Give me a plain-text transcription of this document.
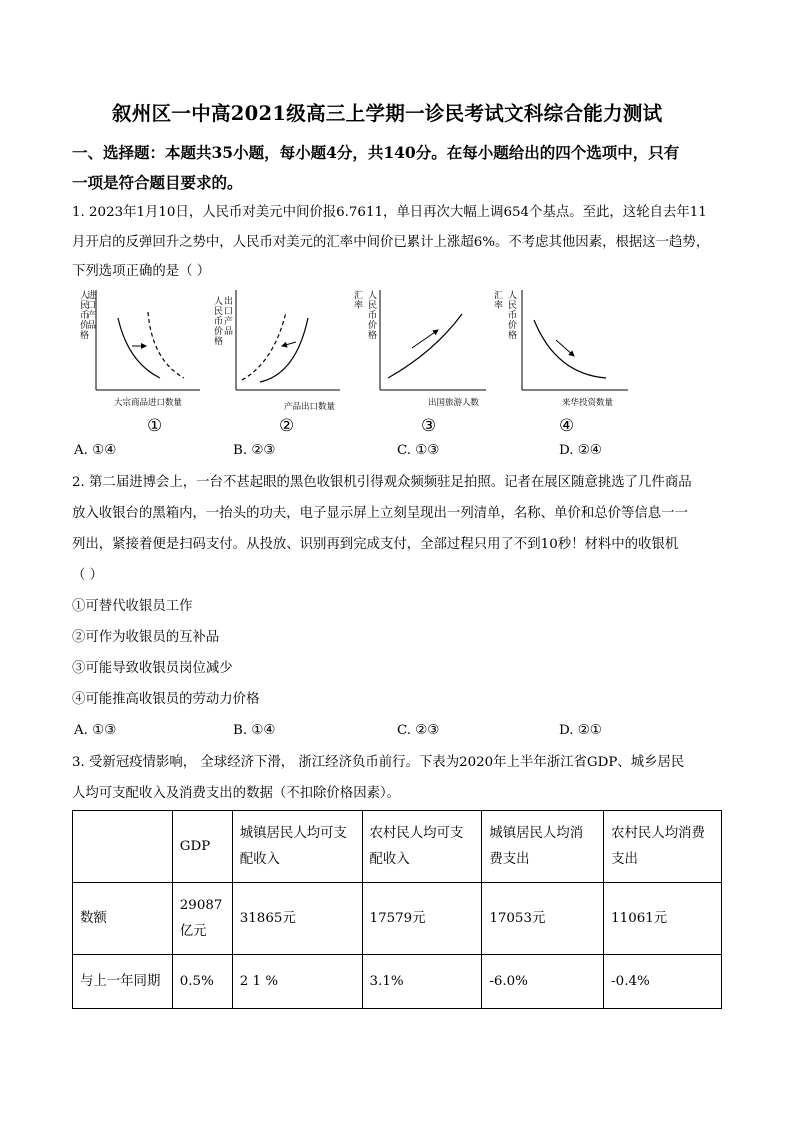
叙州区一中高2021级高三上学期一诊民考试文科综合能力测试
一、选择题：本题共35小题，每小题4分，共140分。在每小题给出的四个选项中，只有
一项是符合题目要求的。
1. 2023年1月10日，人民币对美元中间价报6.7611，单日再次大幅上调654个基点。至此，这轮自去年11
月开启的反弹回升之势中，人民币对美元的汇率中间价已累计上涨超6%。不考虑其他因素，根据这一趋势，
下列选项正确的是（ ）
人
民
币
价
格
进
口
产
品
大宗商品进口数量
①
人
民
币
价
格
出
口
产
品
产品出口数量
②
汇
率
人
民
币
价
格
出国旅游人数
③
汇
率
人
民
币
价
格
来华投资数量
④
A. ①④	B. ②③	C. ①③	D. ②④
2. 第二届进博会上，一台不甚起眼的黑色收银机引得观众频频驻足拍照。记者在展区随意挑选了几件商品
放入收银台的黑箱内，一抬头的功夫，电子显示屏上立刻呈现出一列清单，名称、单价和总价等信息一一
列出，紧接着便是扫码支付。从投放、识别再到完成支付，全部过程只用了不到10秒！材料中的收银机
（ ）
①可替代收银员工作
②可作为收银员的互补品
③可能导致收银员岗位减少
④可能推高收银员的劳动力价格
A. ①③	B. ①④	C. ②③	D. ②①
3. 受新冠疫情影响， 全球经济下滑， 浙江经济负币前行。下表为2020年上半年浙江省GDP、城乡居民
人均可支配收入及消费支出的数据（不扣除价格因素）。
	GDP	城镇居民人均可支配收入	农村民人均可支配收入	城镇居民人均消费支出	农村民人均消费支出
数额	29087亿元	31865元	17579元	17053元	11061元
与上一年同期	0.5%	2 1 %	3.1%	-6.0%	-0.4%
